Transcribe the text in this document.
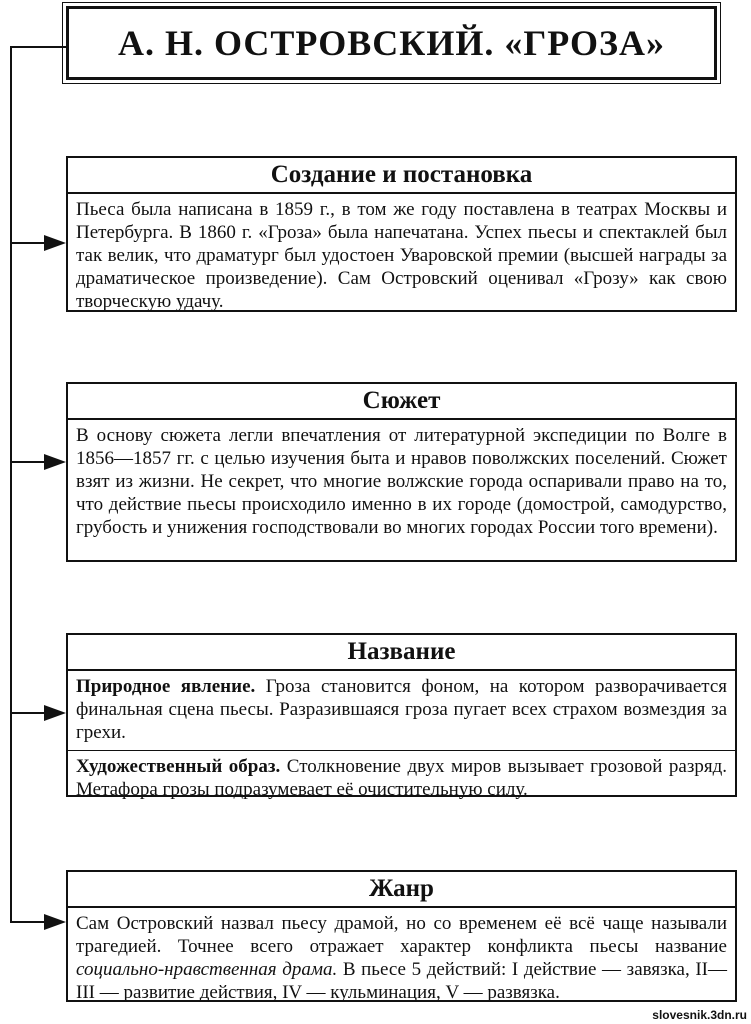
А. Н. ОСТРОВСКИЙ. «ГРОЗА»
Создание и постановка
Пьеса была написана в 1859 г., в том же году поставлена в театрах Москвы и Петербурга. В 1860 г. «Гроза» была напечатана. Успех пьесы и спектаклей был так велик, что драматург был удостоен Уваровской премии (высшей награды за драматическое произведение). Сам Островский оценивал «Грозу» как свою творческую удачу.
Сюжет
В основу сюжета легли впечатления от литературной экспедиции по Волге в 1856—1857 гг. с целью изучения быта и нравов поволжских поселений. Сюжет взят из жизни. Не секрет, что многие волжские города оспаривали право на то, что действие пьесы происходило именно в их городе (домострой, самодурство, грубость и унижения господствовали во многих городах России того времени).
Название
Природное явление. Гроза становится фоном, на котором разворачивается финальная сцена пьесы. Разразившаяся гроза пугает всех страхом возмездия за грехи.
Художественный образ. Столкновение двух миров вызывает грозовой разряд. Метафора грозы подразумевает её очистительную силу.
Жанр
Сам Островский назвал пьесу драмой, но со временем её всё чаще называли трагедией. Точнее всего отражает характер конфликта пьесы название социально-нравственная драма. В пьесе 5 действий: I действие — завязка, II—III — развитие действия, IV — кульминация, V — развязка.
slovesnik.3dn.ru
